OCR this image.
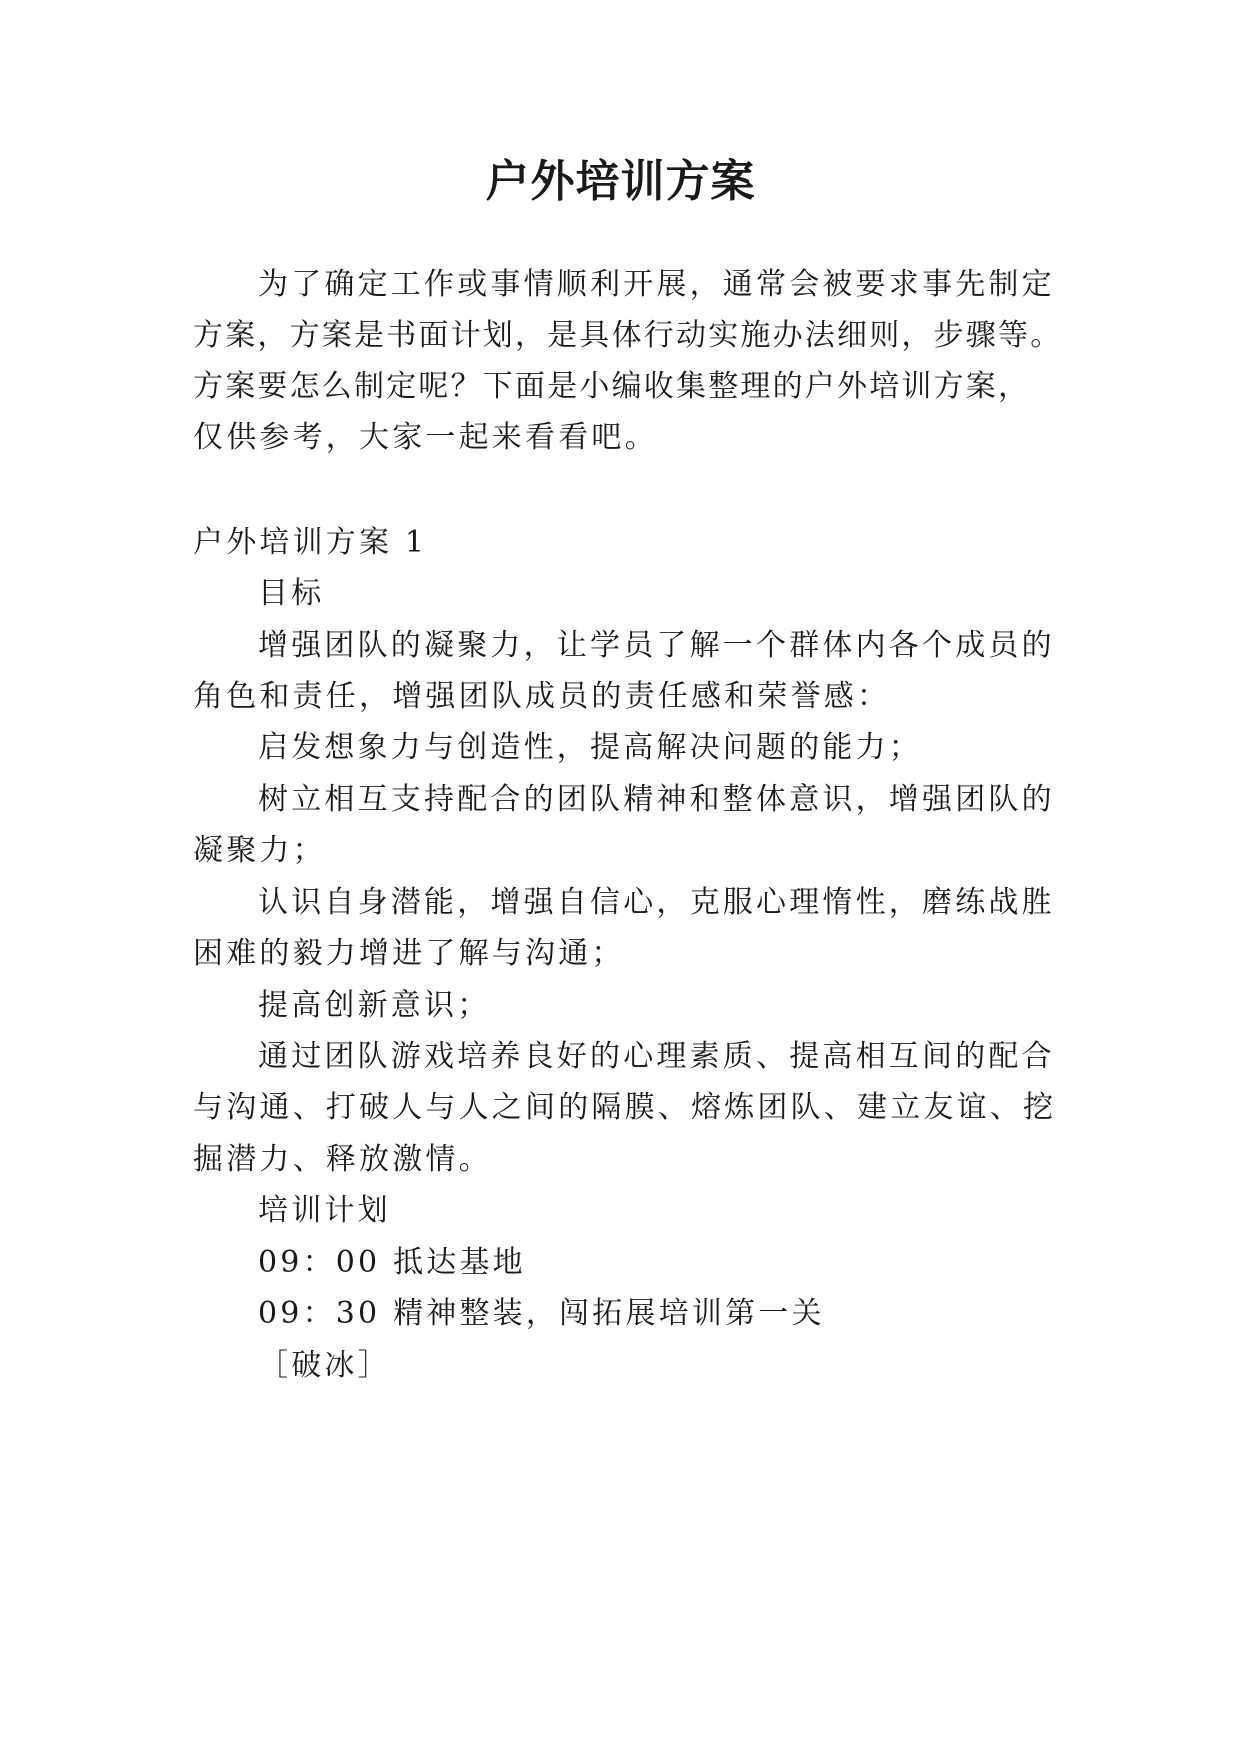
户外培训方案

为了确定工作或事情顺利开展，通常会被要求事先制定

方案，方案是书面计划，是具体行动实施办法细则，步骤等。

方案要怎么制定呢？下面是小编收集整理的户外培训方案，

仅供参考，大家一起来看看吧。

户外培训方案 1

目标

增强团队的凝聚力，让学员了解一个群体内各个成员的

角色和责任，增强团队成员的责任感和荣誉感：

启发想象力与创造性，提高解决问题的能力；

树立相互支持配合的团队精神和整体意识，增强团队的

凝聚力；

认识自身潜能，增强自信心，克服心理惰性，磨练战胜

困难的毅力增进了解与沟通；

提高创新意识；

通过团队游戏培养良好的心理素质、提高相互间的配合

与沟通、打破人与人之间的隔膜、熔炼团队、建立友谊、挖

掘潜力、释放激情。

培训计划

09：00 抵达基地

09：30 精神整装，闯拓展培训第一关

［破冰］
